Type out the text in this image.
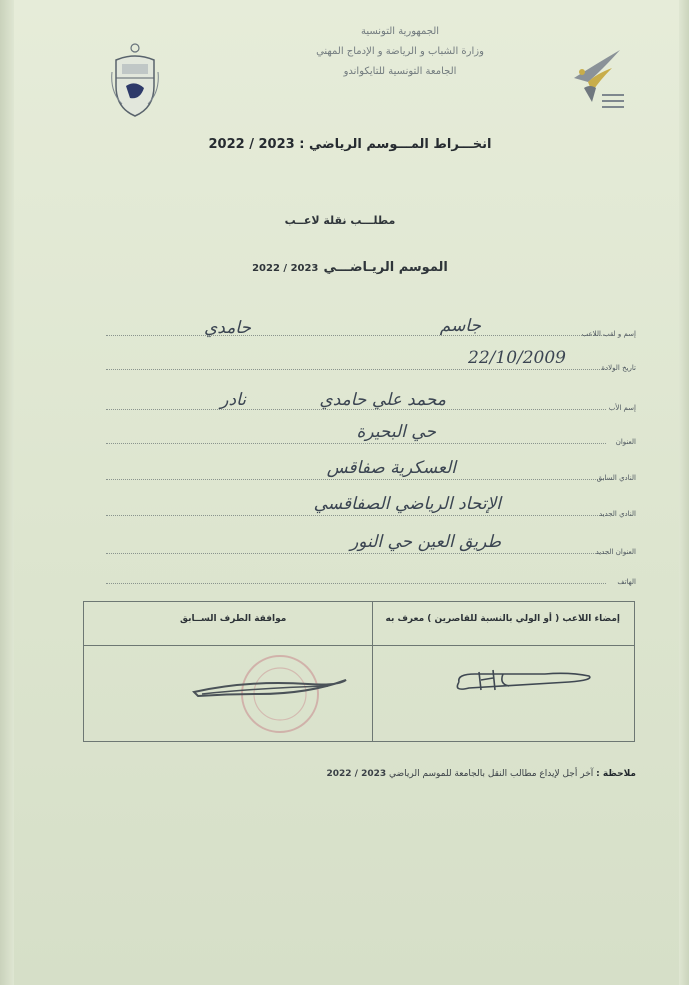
الجمهورية التونسية
وزارة الشباب و الرياضة و الإدماج المهني
الجامعة التونسية للتايكواندو
انخـــراط المـــوسم الرياضي : 2023 / 2022
مطلـــب نقلة لاعــب
الموسم الريـاضـــي 2023 / 2022
إسم و لقب اللاعب
جاسم
حامدي
تاريخ الولادة
22/10/2009
إسم الأب
محمد علي حامدي
نادر
العنوان
حي البحيرة
النادي السابق
العسكرية صفاقس
النادي الجديد
الإتحاد الرياضي الصفاقسي
العنوان الجديد
طريق العين حي النور
الهاتف
إمضاء اللاعب ( أو الولي بالنسبة للقاصرين ) معرف به
موافقة الطرف الســابق
ملاحظة : آخر أجل لإيداع مطالب النقل بالجامعة للموسم الرياضي 2023 / 2022
